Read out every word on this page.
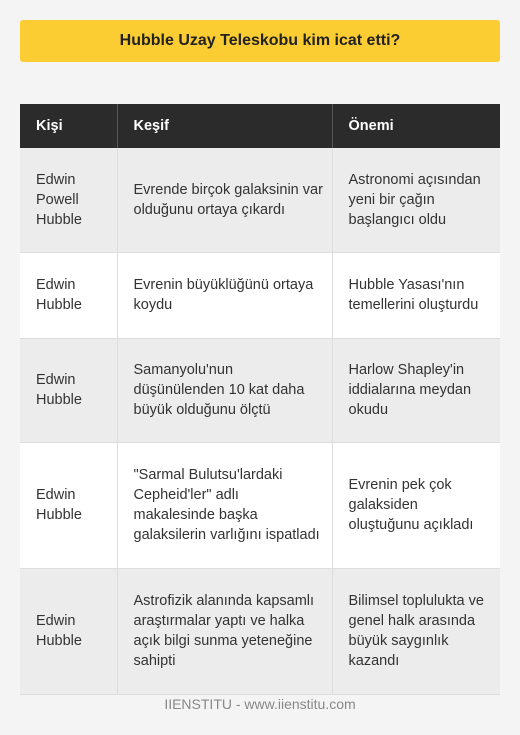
Hubble Uzay Teleskobu kim icat etti?
Kişi	Keşif	Önemi
Edwin Powell Hubble	Evrende birçok galaksinin var olduğunu ortaya çıkardı	Astronomi açısından yeni bir çağın başlangıcı oldu
Edwin Hubble	Evrenin büyüklüğünü ortaya koydu	Hubble Yasası'nın temellerini oluşturdu
Edwin Hubble	Samanyolu'nun düşünülenden 10 kat daha büyük olduğunu ölçtü	Harlow Shapley'in iddialarına meydan okudu
Edwin Hubble	"Sarmal Bulutsu'lardaki Cepheid'ler" adlı makalesinde başka galaksilerin varlığını ispatladı	Evrenin pek çok galaksiden oluştuğunu açıkladı
Edwin Hubble	Astrofizik alanında kapsamlı araştırmalar yaptı ve halka açık bilgi sunma yeteneğine sahipti	Bilimsel toplulukta ve genel halk arasında büyük saygınlık kazandı
IIENSTITU - www.iienstitu.com
